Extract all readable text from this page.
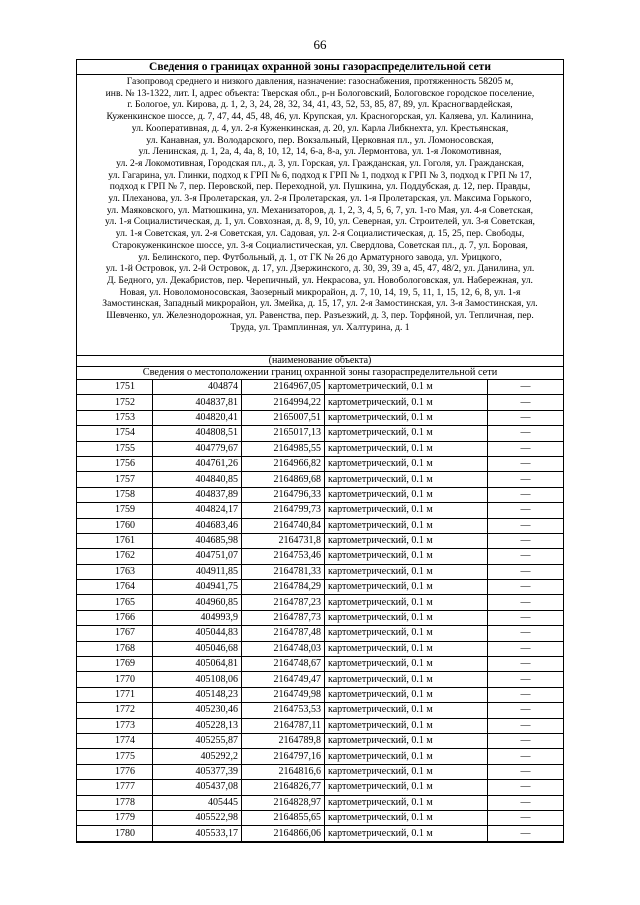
66
Сведения о границах охранной зоны газораспределительной сети
Газопровод среднего и низкого давления, назначение: газоснабжения, протяженность 58205 м,
инв. № 13-1322, лит. I, адрес объекта: Тверская обл., р-н Бологовский, Бологовское городское поселение,
г. Бологое, ул. Кирова, д. 1, 2, 3, 24, 28, 32, 34, 41, 43, 52, 53, 85, 87, 89, ул. Красногвардейская,
Куженкинское шоссе, д. 7, 47, 44, 45, 48, 46, ул. Крупская, ул. Красногорская, ул. Каляева, ул. Калинина,
ул. Кооперативная, д. 4, ул. 2-я Куженкинская, д. 20, ул. Карла Либкнехта, ул. Крестьянская,
ул. Канавная, ул. Володарского, пер. Вокзальный, Церковная пл., ул. Ломоносовская,
ул. Ленинская, д. 1, 2а, 4, 4а, 8, 10, 12, 14, 6-а, 8-а, ул. Лермонтова, ул. 1-я Локомотивная,
ул. 2-я Локомотивная, Городская пл., д. 3, ул. Горская, ул. Гражданская, ул. Гоголя, ул. Гражданская,
ул. Гагарина, ул. Глинки, подход к ГРП № 6, подход к ГРП № 1, подход к ГРП № 3, подход к ГРП № 17,
подход к ГРП № 7, пер. Перовской, пер. Переходной, ул. Пушкина, ул. Поддубская, д. 12, пер. Правды,
ул. Плеханова, ул. 3-я Пролетарская, ул. 2-я Пролетарская, ул. 1-я Пролетарская, ул. Максима Горького,
ул. Маяковского, ул. Матюшкина, ул. Механизаторов, д. 1, 2, 3, 4, 5, 6, 7, ул. 1-го Мая, ул. 4-я Советская,
ул. 1-я Социалистическая, д. 1, ул. Совхозная, д. 8, 9, 10, ул. Северная, ул. Строителей, ул. 3-я Советская,
ул. 1-я Советская, ул. 2-я Советская, ул. Садовая, ул. 2-я Социалистическая, д. 15, 25, пер. Свободы,
Старокуженкинское шоссе, ул. 3-я Социалистическая, ул. Свердлова, Советская пл., д. 7, ул. Боровая,
ул. Белинского, пер. Футбольный, д. 1, от ГК № 26 до Арматурного завода, ул. Урицкого,
ул. 1-й Островок, ул. 2-й Островок, д. 17, ул. Дзержинского, д. 30, 39, 39 а, 45, 47, 48/2, ул. Данилина, ул.
Д. Бедного, ул. Декабристов, пер. Черепичный, ул. Некрасова, ул. Новобологовская, ул. Набережная, ул.
Новая, ул. Новоломоносовская, Заозерный микрорайон, д. 7, 10, 14, 19, 5, 11, 1, 15, 12, 6, 8, ул. 1-я
Замостинская, Западный микрорайон, ул. Змейка, д. 15, 17, ул. 2-я Замостинская, ул. 3-я Замостинская, ул.
Шевченко, ул. Железнодорожная, ул. Равенства, пер. Разъезжий, д. 3, пер. Торфяной, ул. Тепличная, пер.
Труда, ул. Трамплинная, ул. Халтурина, д. 1
(наименование объекта)
Сведения о местоположении границ охранной зоны газораспределительной сети
1751	404874	2164967,05	картометрический, 0.1 м	—
1752	404837,81	2164994,22	картометрический, 0.1 м	—
1753	404820,41	2165007,51	картометрический, 0.1 м	—
1754	404808,51	2165017,13	картометрический, 0.1 м	—
1755	404779,67	2164985,55	картометрический, 0.1 м	—
1756	404761,26	2164966,82	картометрический, 0.1 м	—
1757	404840,85	2164869,68	картометрический, 0.1 м	—
1758	404837,89	2164796,33	картометрический, 0.1 м	—
1759	404824,17	2164799,73	картометрический, 0.1 м	—
1760	404683,46	2164740,84	картометрический, 0.1 м	—
1761	404685,98	2164731,8	картометрический, 0.1 м	—
1762	404751,07	2164753,46	картометрический, 0.1 м	—
1763	404911,85	2164781,33	картометрический, 0.1 м	—
1764	404941,75	2164784,29	картометрический, 0.1 м	—
1765	404960,85	2164787,23	картометрический, 0.1 м	—
1766	404993,9	2164787,73	картометрический, 0.1 м	—
1767	405044,83	2164787,48	картометрический, 0.1 м	—
1768	405046,68	2164748,03	картометрический, 0.1 м	—
1769	405064,81	2164748,67	картометрический, 0.1 м	—
1770	405108,06	2164749,47	картометрический, 0.1 м	—
1771	405148,23	2164749,98	картометрический, 0.1 м	—
1772	405230,46	2164753,53	картометрический, 0.1 м	—
1773	405228,13	2164787,11	картометрический, 0.1 м	—
1774	405255,87	2164789,8	картометрический, 0.1 м	—
1775	405292,2	2164797,16	картометрический, 0.1 м	—
1776	405377,39	2164816,6	картометрический, 0.1 м	—
1777	405437,08	2164826,77	картометрический, 0.1 м	—
1778	405445	2164828,97	картометрический, 0.1 м	—
1779	405522,98	2164855,65	картометрический, 0.1 м	—
1780	405533,17	2164866,06	картометрический, 0.1 м	—
